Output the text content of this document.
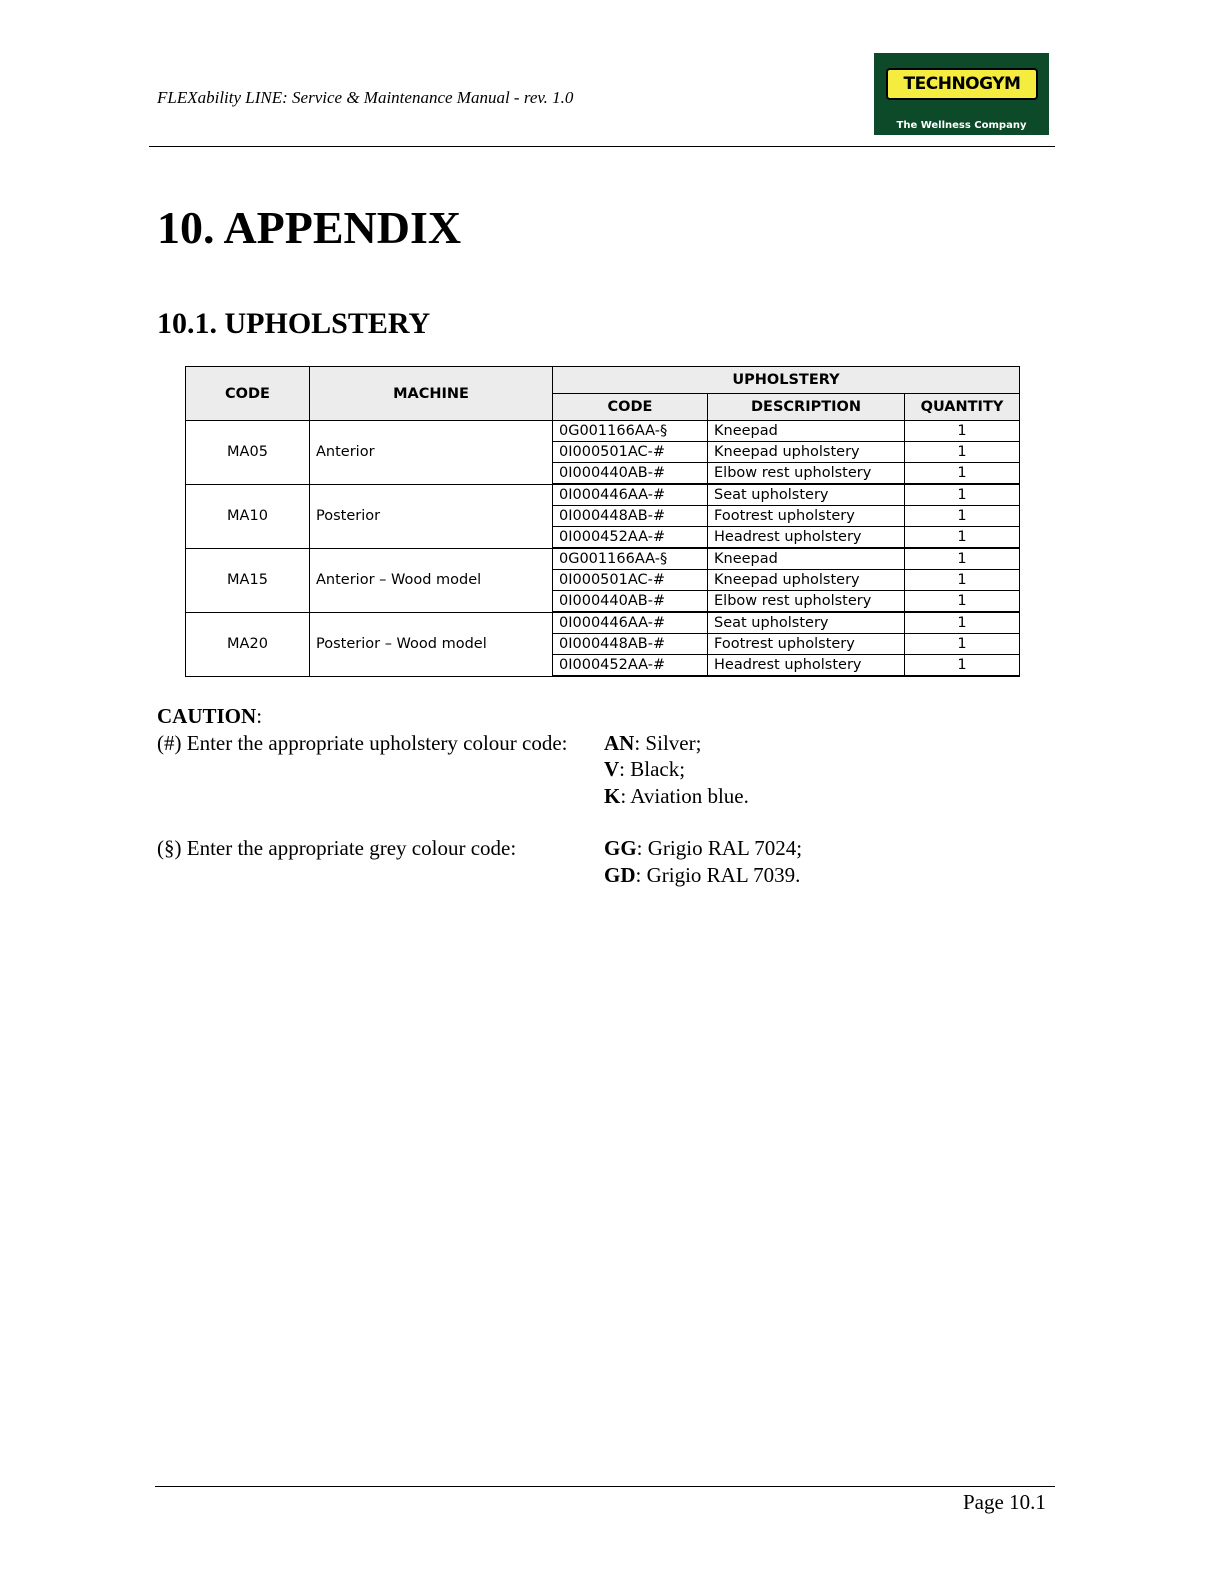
FLEXability LINE: Service & Maintenance Manual - rev. 1.0
TECHNOGYM
The Wellness Company
10. APPENDIX
10.1. UPHOLSTERY
CODE	MACHINE	UPHOLSTERY		
		CODE	DESCRIPTION	QUANTITY
MA05	Anterior	0G001166AA-§	Kneepad	1
		0I000501AC-#	Kneepad upholstery	1
		0I000440AB-#	Elbow rest upholstery	1
MA10	Posterior	0I000446AA-#	Seat upholstery	1
		0I000448AB-#	Footrest upholstery	1
		0I000452AA-#	Headrest upholstery	1
MA15	Anterior – Wood model	0G001166AA-§	Kneepad	1
		0I000501AC-#	Kneepad upholstery	1
		0I000440AB-#	Elbow rest upholstery	1
MA20	Posterior – Wood model	0I000446AA-#	Seat upholstery	1
		0I000448AB-#	Footrest upholstery	1
		0I000452AA-#	Headrest upholstery	1
CAUTION:
(#) Enter the appropriate upholstery colour code: AN: Silver;
V: Black;
K: Aviation blue.
(§) Enter the appropriate grey colour code:	GG: Grigio RAL 7024;
GD: Grigio RAL 7039.
Page 10.1
